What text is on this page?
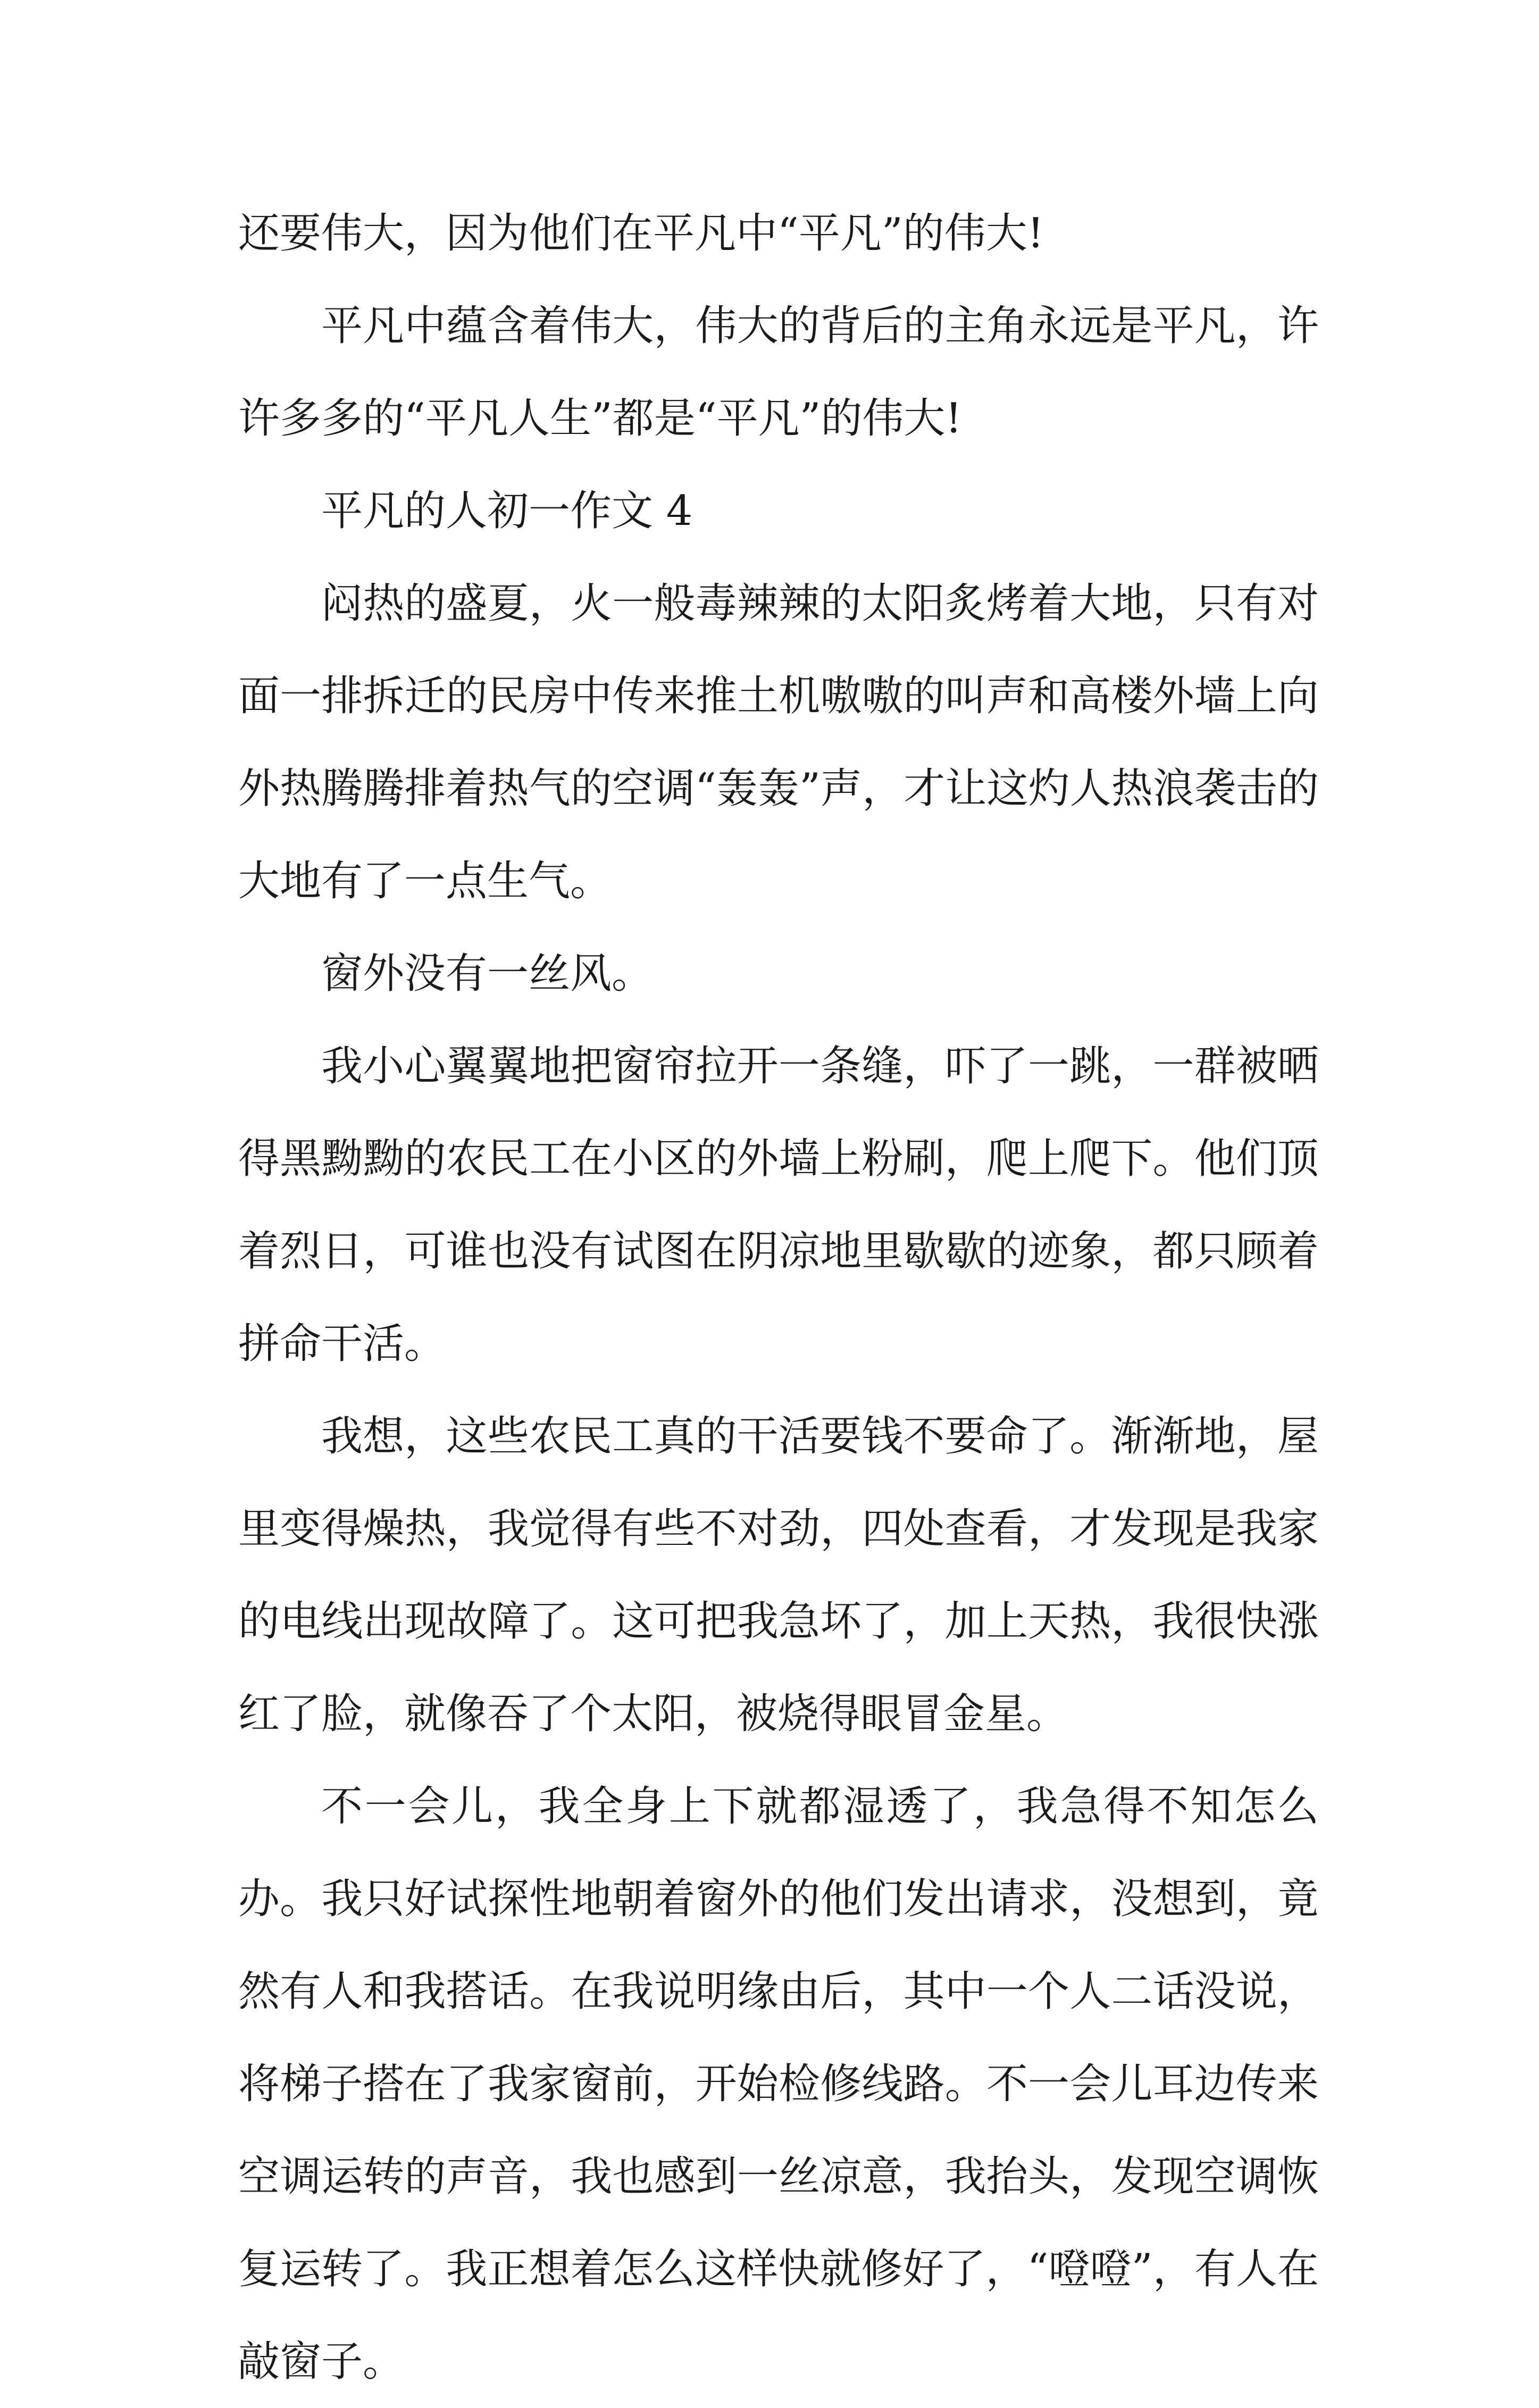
还要伟大，因为他们在平凡中“平凡”的伟大!

平凡中蕴含着伟大，伟大的背后的主角永远是平凡，许许多多的“平凡人生”都是“平凡”的伟大!

平凡的人初一作文 4

闷热的盛夏，火一般毒辣辣的太阳炙烤着大地，只有对面一排拆迁的民房中传来推土机嗷嗷的叫声和高楼外墙上向外热腾腾排着热气的空调“轰轰”声，才让这灼人热浪袭击的大地有了一点生气。

窗外没有一丝风。

我小心翼翼地把窗帘拉开一条缝，吓了一跳，一群被晒得黑黝黝的农民工在小区的外墙上粉刷，爬上爬下。他们顶着烈日，可谁也没有试图在阴凉地里歇歇的迹象，都只顾着拼命干活。

我想，这些农民工真的干活要钱不要命了。渐渐地，屋里变得燥热，我觉得有些不对劲，四处查看，才发现是我家的电线出现故障了。这可把我急坏了，加上天热，我很快涨红了脸，就像吞了个太阳，被烧得眼冒金星。

不一会儿，我全身上下就都湿透了，我急得不知怎么办。我只好试探性地朝着窗外的他们发出请求，没想到，竟然有人和我搭话。在我说明缘由后，其中一个人二话没说，将梯子搭在了我家窗前，开始检修线路。不一会儿耳边传来空调运转的声音，我也感到一丝凉意，我抬头，发现空调恢复运转了。我正想着怎么这样快就修好了，“噔噔”，有人在敲窗子。
